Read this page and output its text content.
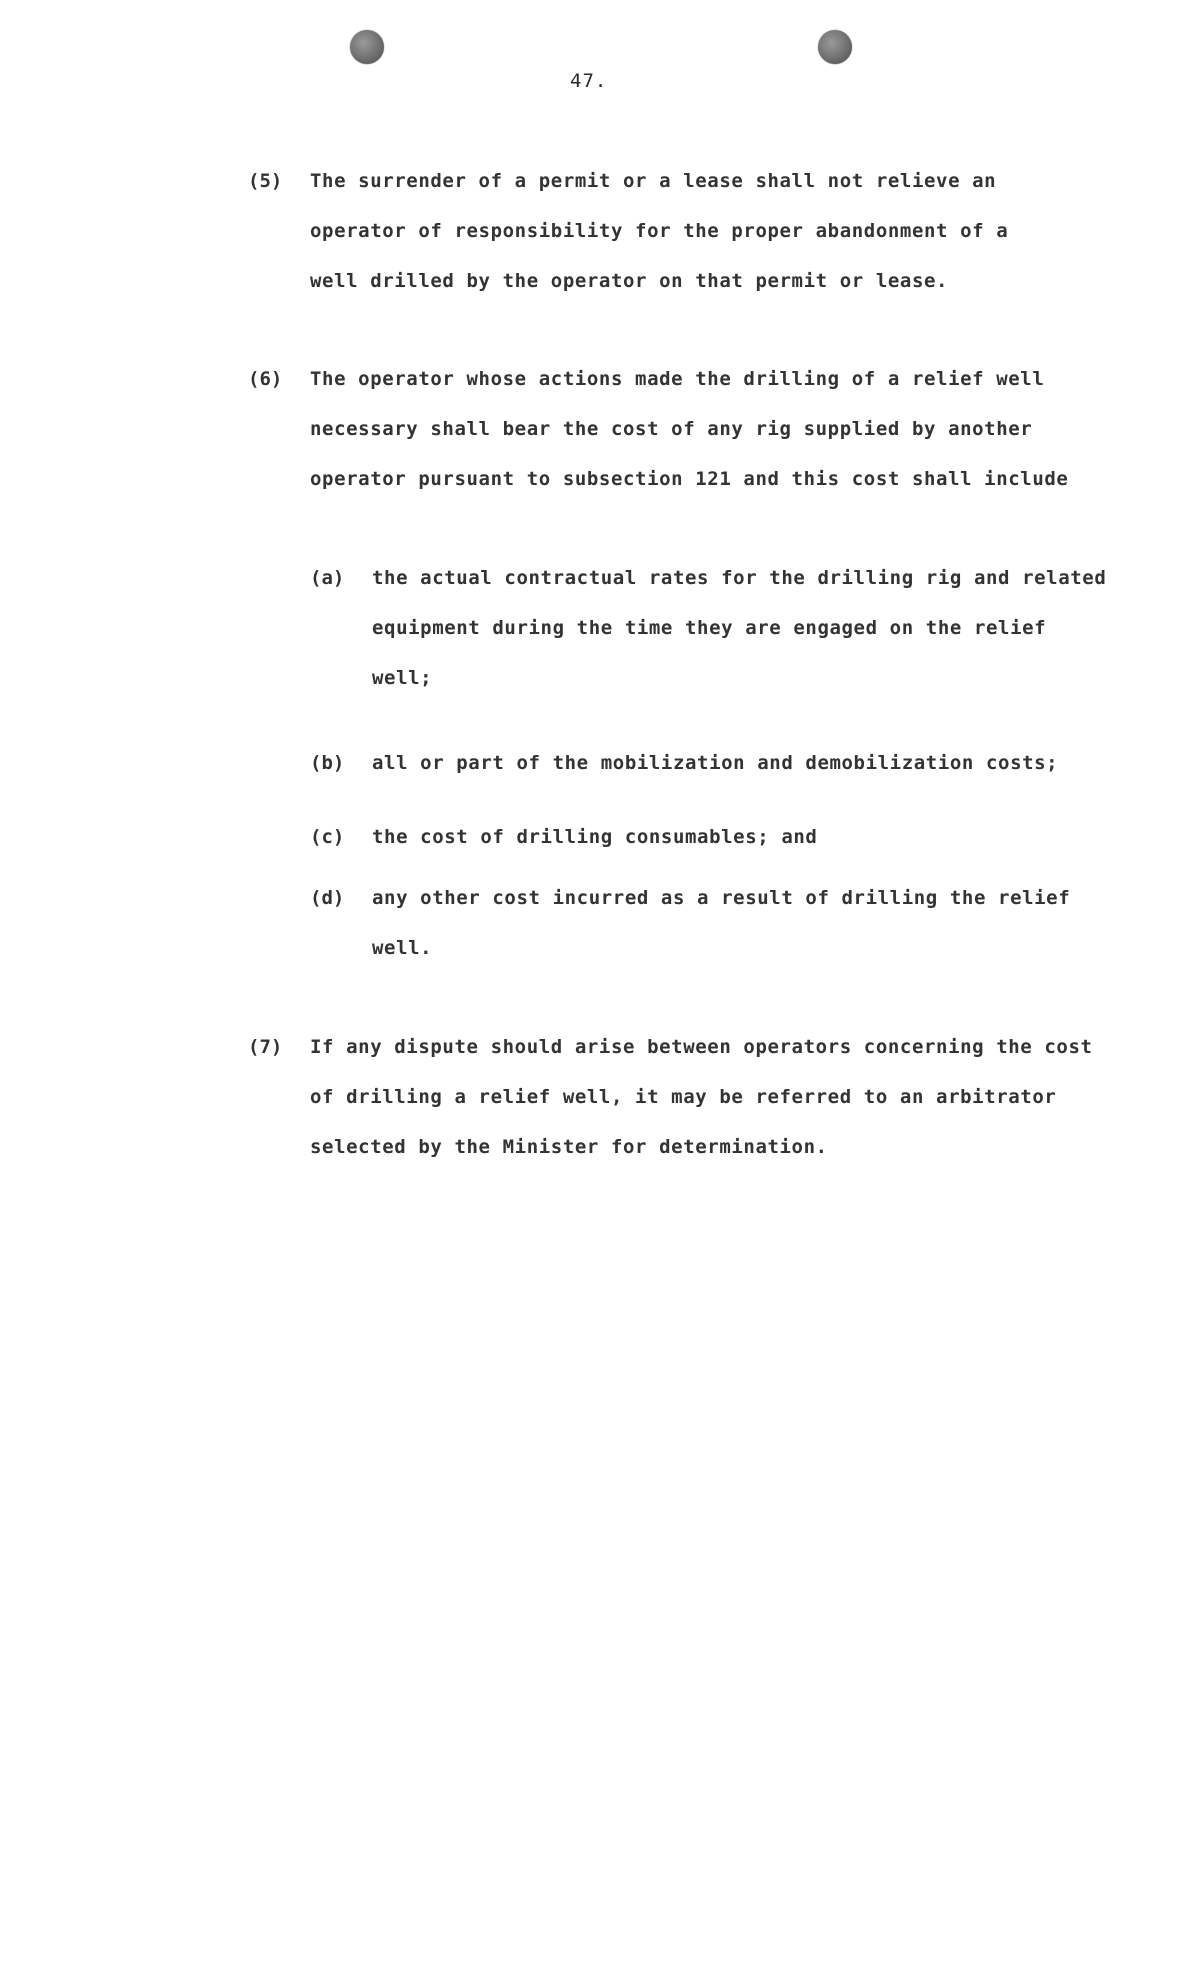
47.
(5) The surrender of a permit or a lease shall not relieve an
operator of responsibility for the proper abandonment of a
well drilled by the operator on that permit or lease.
(6) The operator whose actions made the drilling of a relief well
necessary shall bear the cost of any rig supplied by another
operator pursuant to subsection 121 and this cost shall include
(a) the actual contractual rates for the drilling rig and related
equipment during the time they are engaged on the relief
well;
(b) all or part of the mobilization and demobilization costs;
(c) the cost of drilling consumables; and
(d) any other cost incurred as a result of drilling the relief
well.
(7) If any dispute should arise between operators concerning the cost
of drilling a relief well, it may be referred to an arbitrator
selected by the Minister for determination.
